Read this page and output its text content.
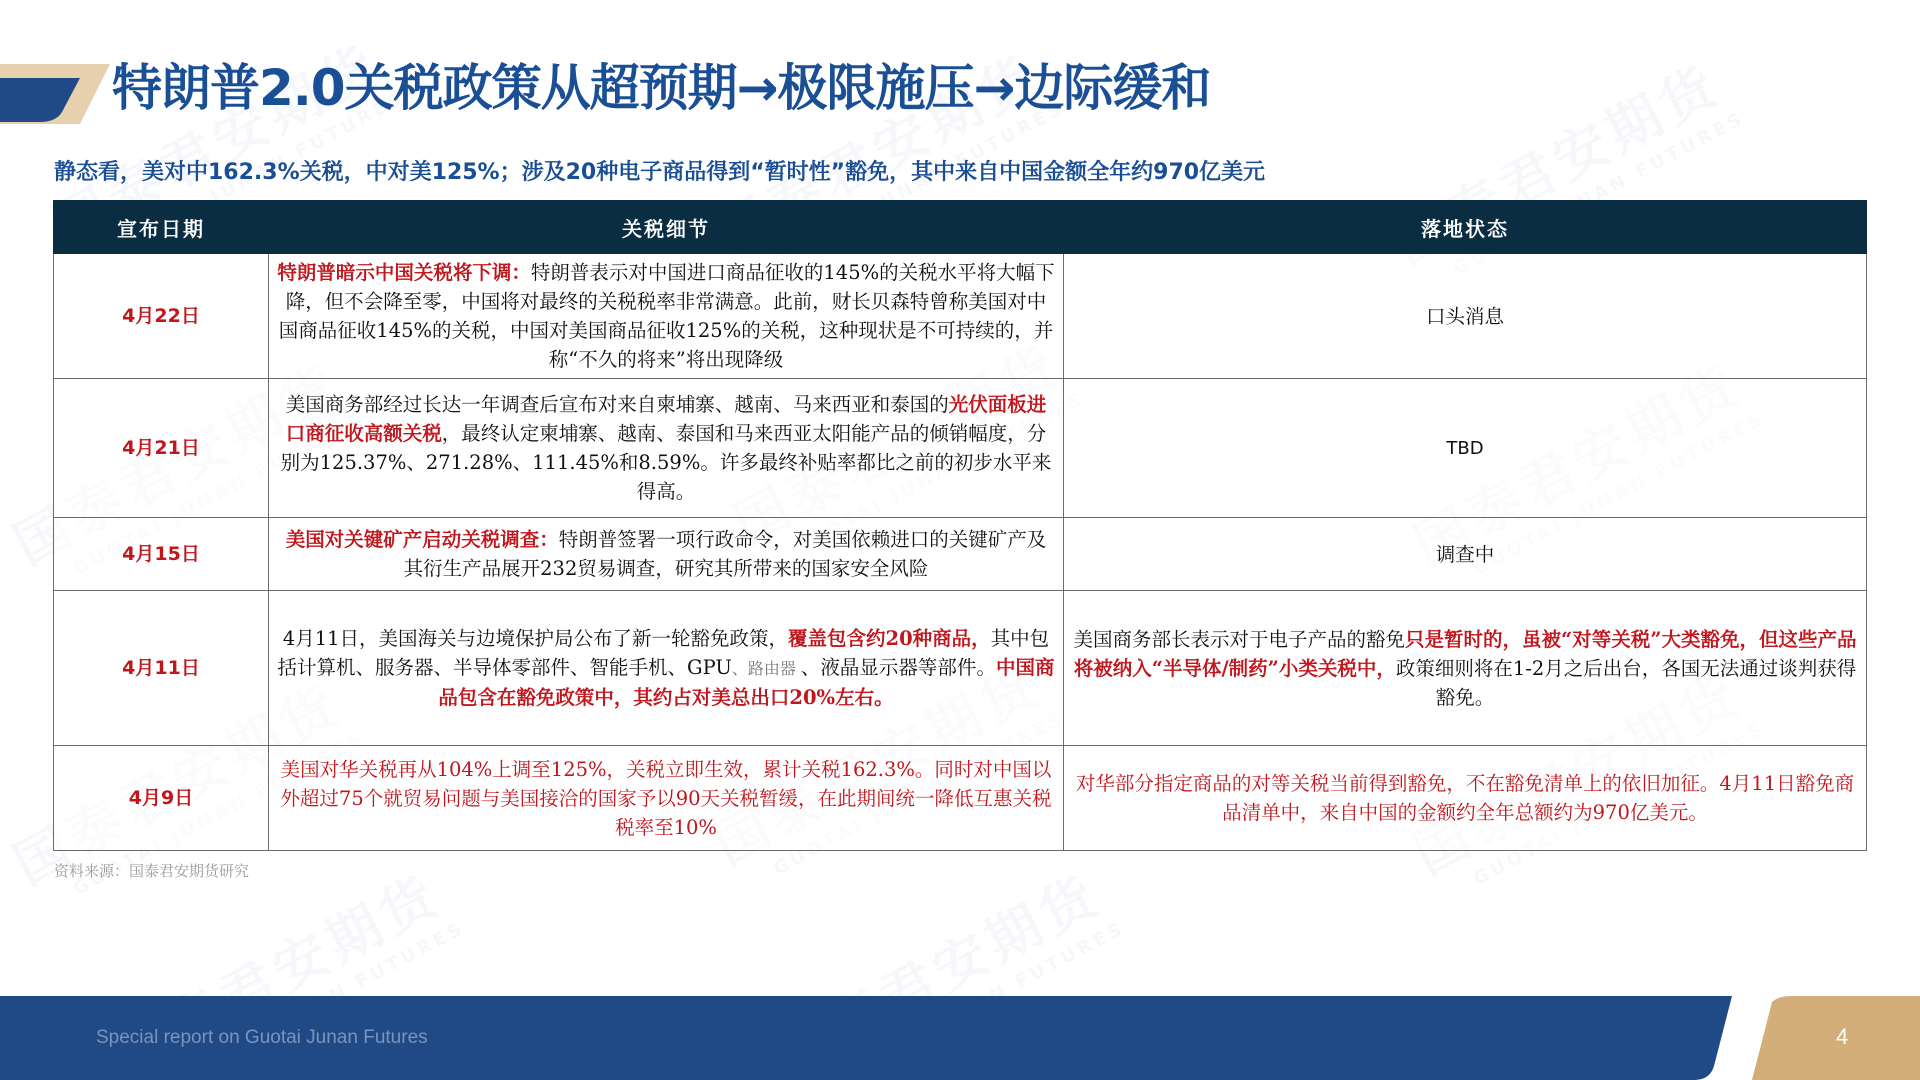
特朗普2.0关税政策从超预期→极限施压→边际缓和
静态看，美对中162.3%关税，中对美125%；涉及20种电子商品得到“暂时性”豁免，其中来自中国金额全年约970亿美元
宣布日期	关税细节	落地状态
4月22日	特朗普暗示中国关税将下调：特朗普表示对中国进口商品征收的145%的关税水平将大幅下降，但不会降至零，中国将对最终的关税税率非常满意。此前，财长贝森特曾称美国对中国商品征收145%的关税，中国对美国商品征收125%的关税，这种现状是不可持续的，并称“不久的将来”将出现降级	口头消息
4月21日	美国商务部经过长达一年调查后宣布对来自柬埔寨、越南、马来西亚和泰国的光伏面板进口商征收高额关税，最终认定柬埔寨、越南、泰国和马来西亚太阳能产品的倾销幅度，分别为125.37%、271.28%、111.45%和8.59%。许多最终补贴率都比之前的初步水平来得高。	TBD
4月15日	美国对关键矿产启动关税调查：特朗普签署一项行政命令，对美国依赖进口的关键矿产及其衍生产品展开232贸易调查，研究其所带来的国家安全风险	调查中
4月11日	4月11日，美国海关与边境保护局公布了新一轮豁免政策，覆盖包含约20种商品，其中包括计算机、服务器、半导体零部件、智能手机、GPU、路由器 、液晶显示器等部件。中国商品包含在豁免政策中，其约占对美总出口20%左右。	美国商务部长表示对于电子产品的豁免只是暂时的，虽被“对等关税”大类豁免，但这些产品将被纳入“半导体/制药”小类关税中，政策细则将在1-2月之后出台，各国无法通过谈判获得豁免。
4月9日	美国对华关税再从104%上调至125%，关税立即生效，累计关税162.3%。同时对中国以外超过75个就贸易问题与美国接洽的国家予以90天关税暂缓，在此期间统一降低互惠关税税率至10%	对华部分指定商品的对等关税当前得到豁免，不在豁免清单上的依旧加征。4月11日豁免商品清单中，来自中国的金额约全年总额约为970亿美元。
资料来源：国泰君安期货研究
Special report on Guotai Junan Futures	4
